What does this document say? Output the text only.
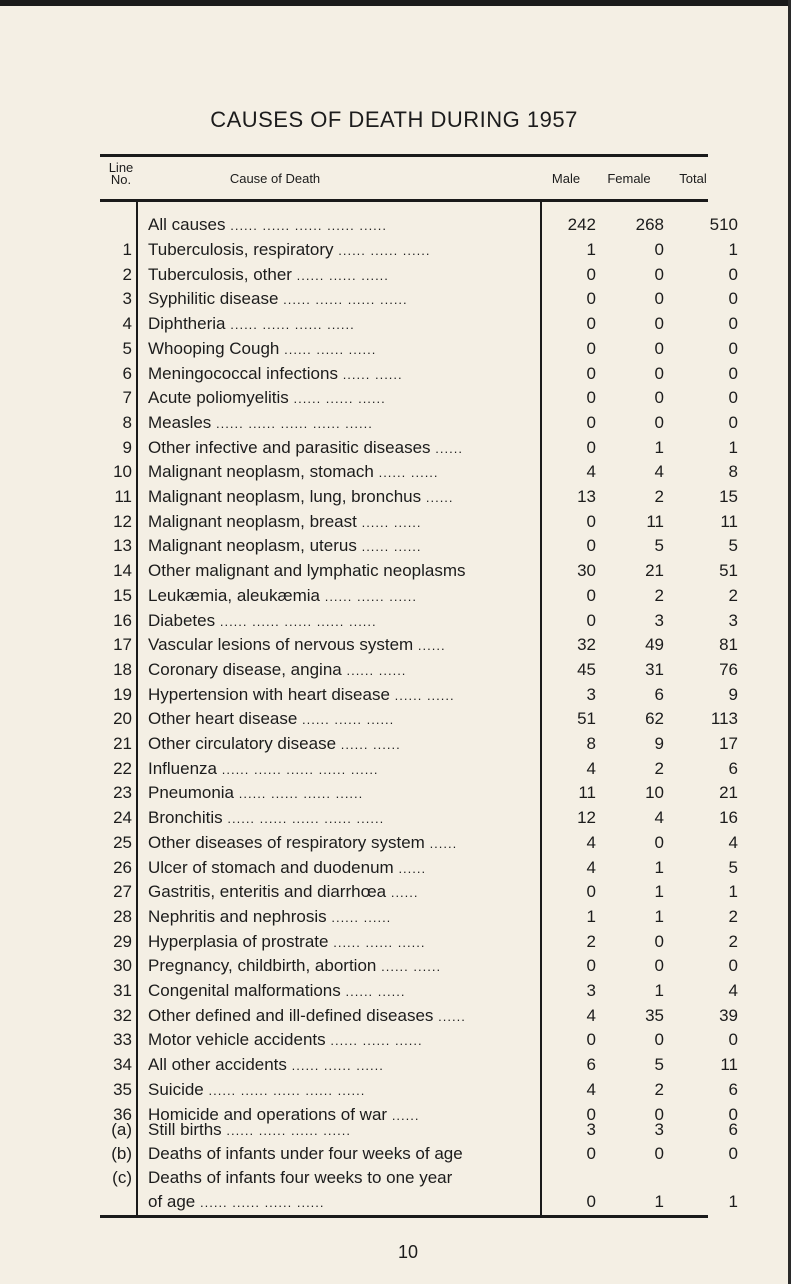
CAUSES OF DEATH DURING 1957
Line No.	Cause of Death	Male	Female	Total
All causes ...... ...... ...... ...... ......	242	268	510
1 Tuberculosis, respiratory ...... ...... ......	1	0	1
2 Tuberculosis, other ...... ...... ......	0	0	0
3 Syphilitic disease ...... ...... ...... ......	0	0	0
4 Diphtheria ...... ...... ...... ......	0	0	0
5 Whooping Cough ...... ...... ......	0	0	0
6 Meningococcal infections ...... ......	0	0	0
7 Acute poliomyelitis ...... ...... ......	0	0	0
8 Measles ...... ...... ...... ...... ......	0	0	0
9 Other infective and parasitic diseases ......	0	1	1
10 Malignant neoplasm, stomach ...... ......	4	4	8
11 Malignant neoplasm, lung, bronchus ......	13	2	15
12 Malignant neoplasm, breast ...... ......	0	11	11
13 Malignant neoplasm, uterus ...... ......	0	5	5
14 Other malignant and lymphatic neoplasms	30	21	51
15 Leukæmia, aleukæmia ...... ...... ......	0	2	2
16 Diabetes ...... ...... ...... ...... ......	0	3	3
17 Vascular lesions of nervous system ......	32	49	81
18 Coronary disease, angina ...... ......	45	31	76
19 Hypertension with heart disease ...... ......	3	6	9
20 Other heart disease ...... ...... ......	51	62	113
21 Other circulatory disease ...... ......	8	9	17
22 Influenza ...... ...... ...... ...... ......	4	2	6
23 Pneumonia ...... ...... ...... ......	11	10	21
24 Bronchitis ...... ...... ...... ...... ......	12	4	16
25 Other diseases of respiratory system ......	4	0	4
26 Ulcer of stomach and duodenum ......	4	1	5
27 Gastritis, enteritis and diarrhœa ......	0	1	1
28 Nephritis and nephrosis ...... ......	1	1	2
29 Hyperplasia of prostrate ...... ...... ......	2	0	2
30 Pregnancy, childbirth, abortion ...... ......	0	0	0
31 Congenital malformations ...... ......	3	1	4
32 Other defined and ill-defined diseases ......	4	35	39
33 Motor vehicle accidents ...... ...... ......	0	0	0
34 All other accidents ...... ...... ......	6	5	11
35 Suicide ...... ...... ...... ...... ......	4	2	6
36 Homicide and operations of war ......	0	0	0
(a) Still births ...... ...... ...... ......	3	3	6
(b) Deaths of infants under four weeks of age	0	0	0
(c) Deaths of infants four weeks to one year
of age ...... ...... ...... ......	0	1	1
10
